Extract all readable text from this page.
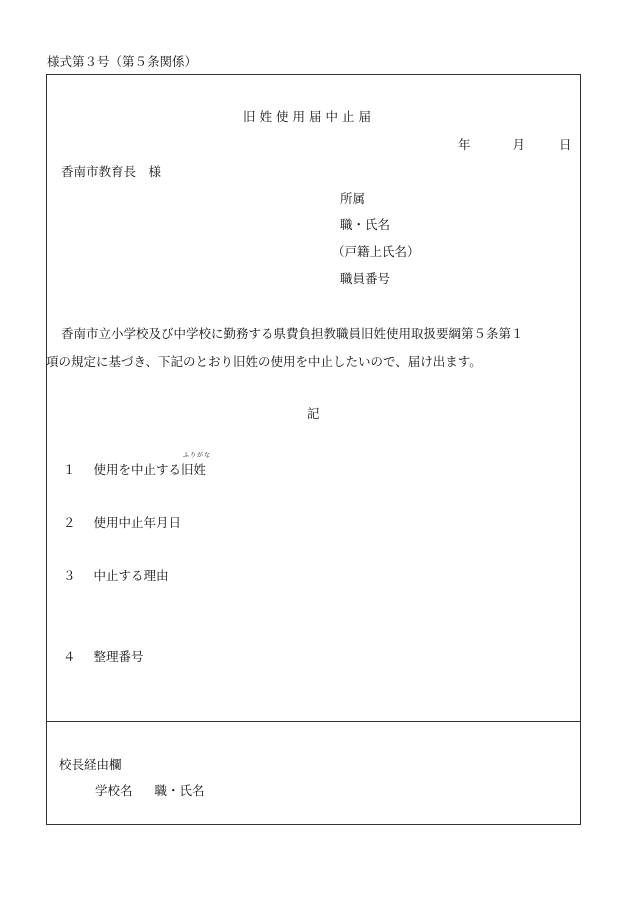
様式第３号（第５条関係）
旧姓使用届中止届
年	月	日
香南市教育長　様
所属
職・氏名
（戸籍上氏名）
職員番号
香南市立小学校及び中学校に勤務する県費負担教職員旧姓使用取扱要綱第５条第１
項の規定に基づき、下記のとおり旧姓の使用を中止したいので、届け出ます。
記
１ 使用を中止する
ふりがな
旧姓
２ 使用中止年月日
３ 中止する理由
４ 整理番号
校長経由欄
学校名 職・氏名
